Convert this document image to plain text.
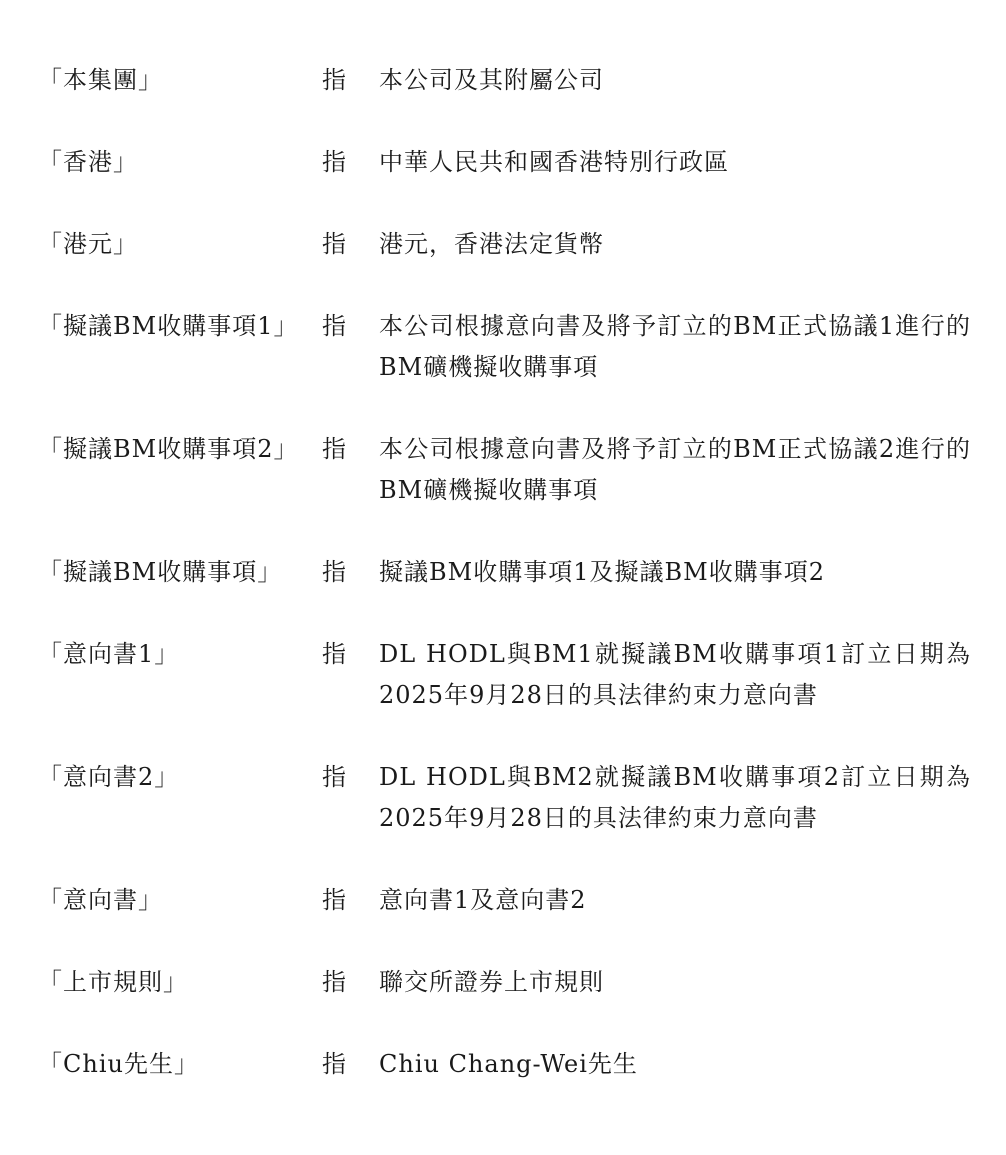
「本集團」	指 本公司及其附屬公司
「香港」	指 中華人民共和國香港特別行政區
「港元」	指 港元，香港法定貨幣
「擬議BM收購事項1」 指 本公司根據意向書及將予訂立的BM正式協議1進行的BM礦機擬收購事項
「擬議BM收購事項2」 指 本公司根據意向書及將予訂立的BM正式協議2進行的BM礦機擬收購事項
「擬議BM收購事項」 指 擬議BM收購事項1及擬議BM收購事項2
「意向書1」	指 DL HODL與BM1就擬議BM收購事項1訂立日期為2025年9月28日的具法律約束力意向書
「意向書2」	指 DL HODL與BM2就擬議BM收購事項2訂立日期為2025年9月28日的具法律約束力意向書
「意向書」	指 意向書1及意向書2
「上市規則」	指 聯交所證券上市規則
「Chiu先生」	指 Chiu Chang-Wei先生
